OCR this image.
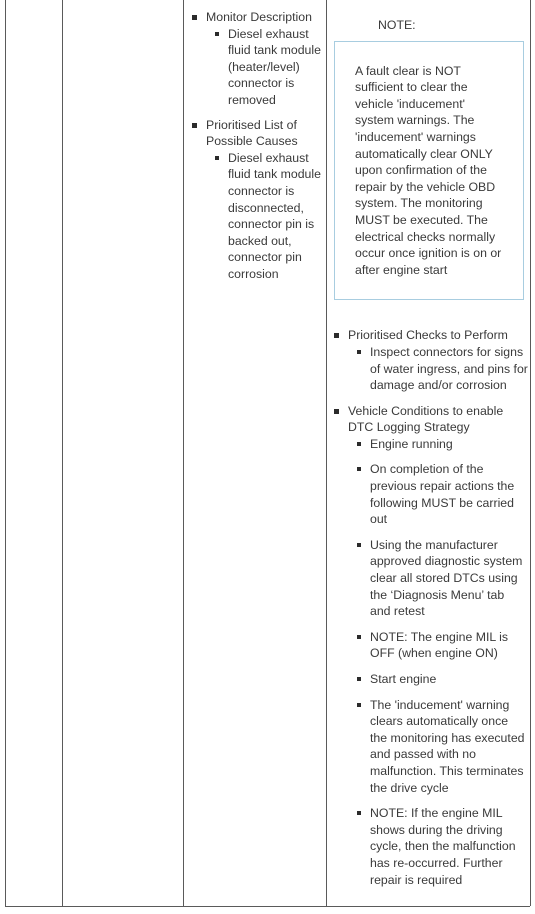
Monitor Description
Diesel exhaust fluid tank module (heater/level) connector is removed
Prioritised List of Possible Causes
Diesel exhaust fluid tank module connector is disconnected, connector pin is backed out, connector pin corrosion
NOTE:
A fault clear is NOT sufficient to clear the vehicle 'inducement' system warnings. The 'inducement' warnings automatically clear ONLY upon confirmation of the repair by the vehicle OBD system. The monitoring MUST be executed. The electrical checks normally occur once ignition is on or after engine start
Prioritised Checks to Perform
Inspect connectors for signs of water ingress, and pins for damage and/or corrosion
Vehicle Conditions to enable DTC Logging Strategy
Engine running
On completion of the previous repair actions the following MUST be carried out
Using the manufacturer approved diagnostic system clear all stored DTCs using the ‘Diagnosis Menu’ tab and retest
NOTE: The engine MIL is OFF (when engine ON)
Start engine
The 'inducement' warning clears automatically once the monitoring has executed and passed with no malfunction. This terminates the drive cycle
NOTE: If the engine MIL shows during the driving cycle, then the malfunction has re-occurred. Further repair is required
